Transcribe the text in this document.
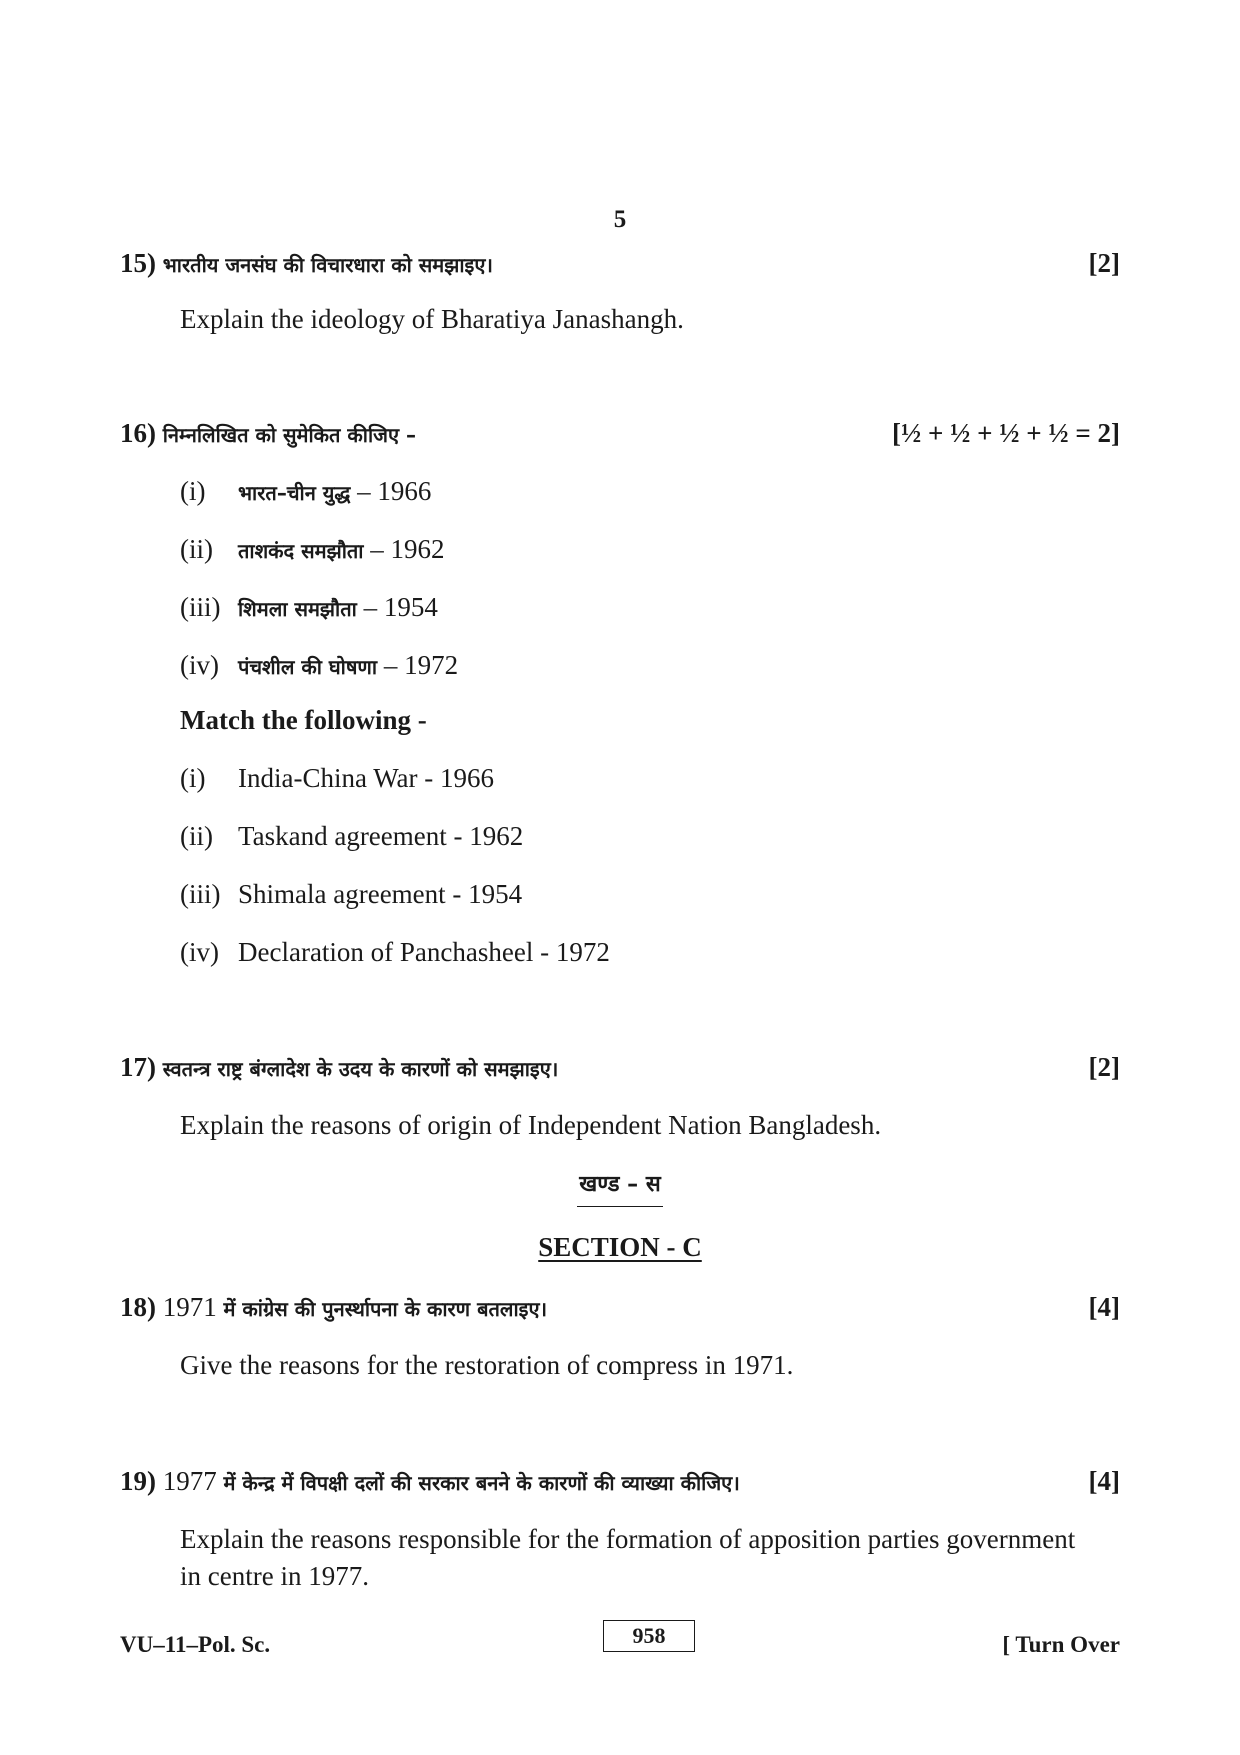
5
15) भारतीय जनसंघ की विचारधारा को समझाइए।	[2]
Explain the ideology of Bharatiya Janashangh.
16) निम्नलिखित को सुमेकित कीजिए –	[½ + ½ + ½ + ½ = 2]
(i) भारत–चीन युद्ध – 1966
(ii) ताशकंद समझौता – 1962
(iii) शिमला समझौता – 1954
(iv) पंचशील की घोषणा – 1972
Match the following -
(i) India-China War - 1966
(ii) Taskand agreement - 1962
(iii) Shimala agreement - 1954
(iv) Declaration of Panchasheel - 1972
17) स्वतन्त्र राष्ट्र बंग्लादेश के उदय के कारणों को समझाइए।	[2]
Explain the reasons of origin of Independent Nation Bangladesh.
खण्ड – स
SECTION - C
18) 1971 में कांग्रेस की पुनर्स्थापना के कारण बतलाइए।	[4]
Give the reasons for the restoration of compress in 1971.
19) 1977 में केन्द्र में विपक्षी दलों की सरकार बनने के कारणों की व्याख्या कीजिए।	[4]
Explain the reasons responsible for the formation of apposition parties government
in centre in 1977.
VU–11–Pol. Sc.	958	[ Turn Over
